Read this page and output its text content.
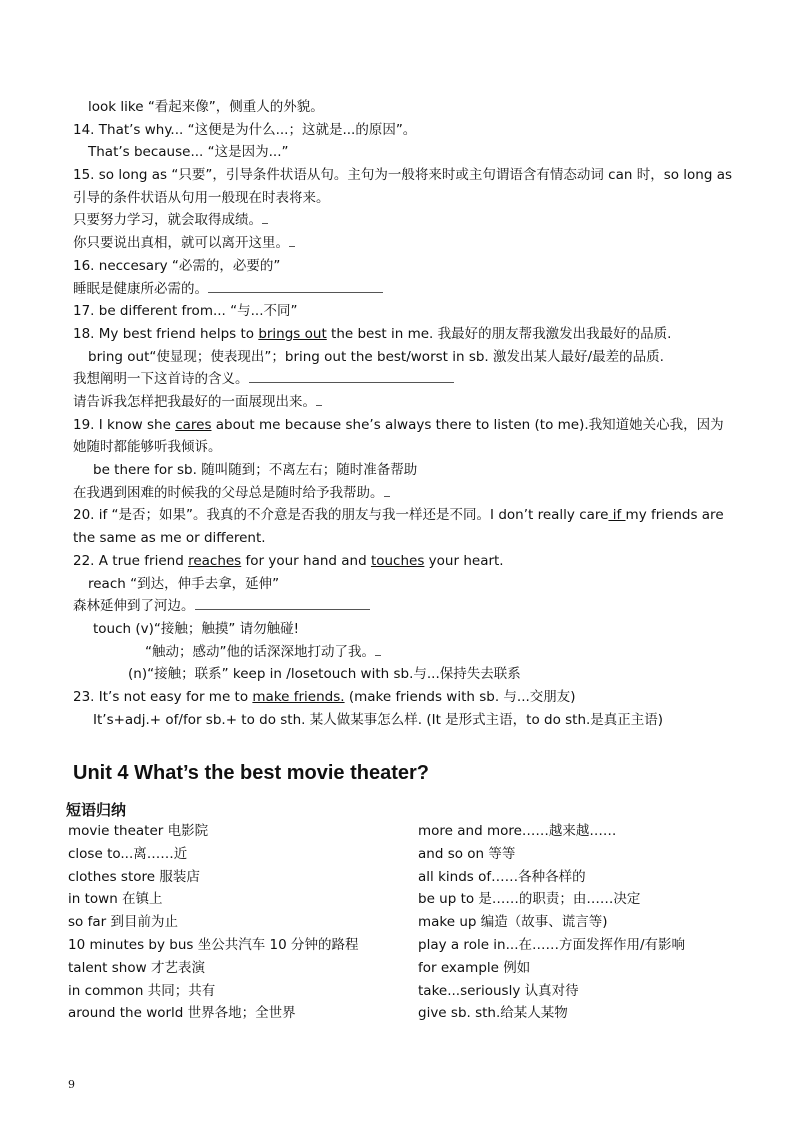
look like “看起来像”，侧重人的外貌。
14. That’s why... “这便是为什么...；这就是...的原因”。
That’s because... “这是因为...”
15. so long as “只要”，引导条件状语从句。主句为一般将来时或主句谓语含有情态动词 can 时，so long as 引导的条件状语从句用一般现在时表将来。
只要努力学习，就会取得成绩。
你只要说出真相，就可以离开这里。
16. neccesary “必需的，必要的”
睡眠是健康所必需的。
17. be different from... “与...不同”
18. My best friend helps to brings out the best in me. 我最好的朋友帮我激发出我最好的品质.
bring out“使显现；使表现出”；bring out the best/worst in sb. 激发出某人最好/最差的品质.
我想阐明一下这首诗的含义。
请告诉我怎样把我最好的一面展现出来。
19. I know she cares about me because she’s always there to listen (to me).我知道她关心我，因为她随时都能够听我倾诉。
be there for sb. 随叫随到；不离左右；随时准备帮助
在我遇到困难的时候我的父母总是随时给予我帮助。
20. if “是否；如果”。我真的不介意是否我的朋友与我一样还是不同。I don’t really care if my friends are the same as me or different.
22. A true friend reaches for your hand and touches your heart.
reach “到达，伸手去拿，延伸”
森林延伸到了河边。
touch (v)“接触；触摸” 请勿触碰!
“触动；感动”他的话深深地打动了我。
(n)“接触；联系” keep in /losetouch with sb.与...保持失去联系
23. It’s not easy for me to make friends. (make friends with sb. 与...交朋友)
It’s+adj.+ of/for sb.+ to do sth. 某人做某事怎么样. (It 是形式主语，to do sth.是真正主语)
Unit 4 What’s the best movie theater?
短语归纳
movie theater 电影院
close to...离……近
clothes store 服装店
in town 在镇上
so far 到目前为止
10 minutes by bus 坐公共汽车 10 分钟的路程
talent show 才艺表演
in common 共同；共有
around the world 世界各地；全世界
more and more……越来越……
and so on 等等
all kinds of……各种各样的
be up to 是……的职责；由……决定
make up 编造（故事、谎言等)
play a role in...在……方面发挥作用/有影响
for example 例如
take...seriously 认真对待
give sb. sth.给某人某物
9
